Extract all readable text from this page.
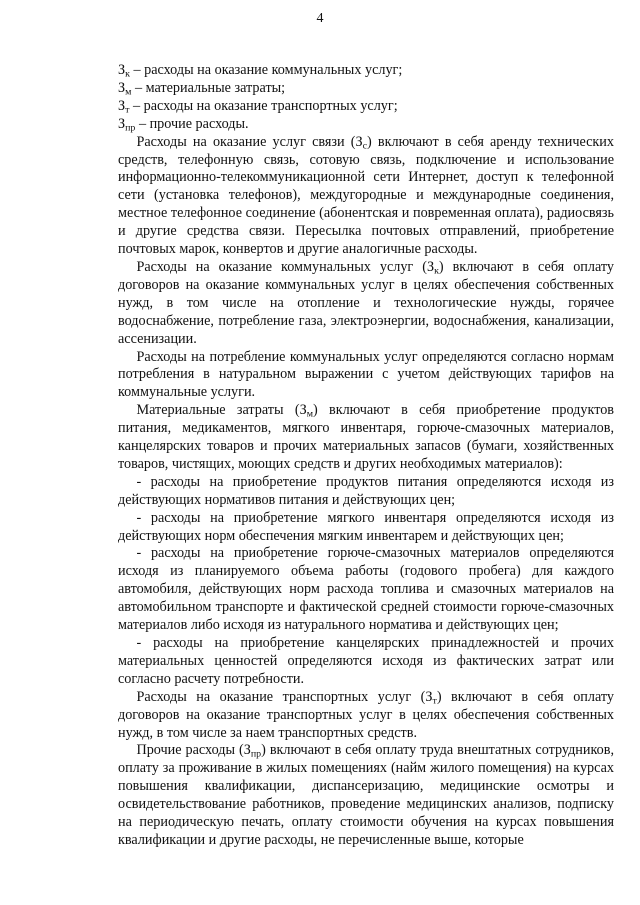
4

$З_к$ – расходы на оказание коммунальных услуг;

$З_м$ – материальные затраты;

$З_т$ – расходы на оказание транспортных услуг;

$З_{пр}$ – прочие расходы.

Расходы на оказание услуг связи $(З_с)$ включают в себя аренду технических средств, телефонную связь, сотовую связь, подключение и использование информационно-телекоммуникационной сети Интернет, доступ к телефонной сети (установка телефонов), междугородные и международные соединения, местное телефонное соединение (абонентская и повременная оплата), радиосвязь и другие средства связи. Пересылка почтовых отправлений, приобретение почтовых марок, конвертов и другие аналогичные расходы.

Расходы на оказание коммунальных услуг $(З_к)$ включают в себя оплату договоров на оказание коммунальных услуг в целях обеспечения собственных нужд, в том числе на отопление и технологические нужды, горячее водоснабжение, потребление газа, электроэнергии, водоснабжения, канализации, ассенизации.

Расходы на потребление коммунальных услуг определяются согласно нормам потребления в натуральном выражении с учетом действующих тарифов на коммунальные услуги.

Материальные затраты $(З_м)$ включают в себя приобретение продуктов питания, медикаментов, мягкого инвентаря, горюче-смазочных материалов, канцелярских товаров и прочих материальных запасов (бумаги, хозяйственных товаров, чистящих, моющих средств и других необходимых материалов):

- расходы на приобретение продуктов питания определяются исходя из действующих нормативов питания и действующих цен;

- расходы на приобретение мягкого инвентаря определяются исходя из действующих норм обеспечения мягким инвентарем и действующих цен;

- расходы на приобретение горюче-смазочных материалов определяются исходя из планируемого объема работы (годового пробега) для каждого автомобиля, действующих норм расхода топлива и смазочных материалов на автомобильном транспорте и фактической средней стоимости горюче-смазочных материалов либо исходя из натурального норматива и действующих цен;

- расходы на приобретение канцелярских принадлежностей и прочих материальных ценностей определяются исходя из фактических затрат или согласно расчету потребности.

Расходы на оказание транспортных услуг $(З_т)$ включают в себя оплату договоров на оказание транспортных услуг в целях обеспечения собственных нужд, в том числе за наем транспортных средств.

Прочие расходы $(З_{пр})$ включают в себя оплату труда внештатных сотрудников, оплату за проживание в жилых помещениях (найм жилого помещения) на курсах повышения квалификации, диспансеризацию, медицинские осмотры и освидетельствование работников, проведение медицинских анализов, подписку на периодическую печать, оплату стоимости обучения на курсах повышения квалификации и другие расходы, не перечисленные выше, которые
